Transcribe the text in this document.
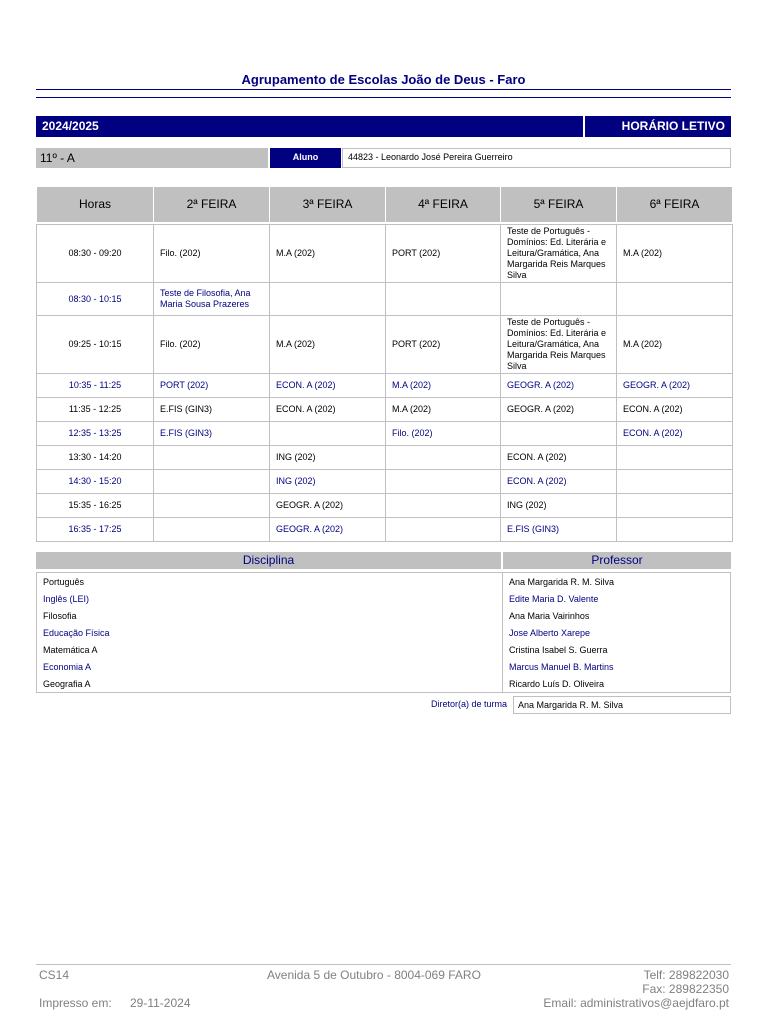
Agrupamento de Escolas João de Deus - Faro
2024/2025	HORÁRIO LETIVO
11º - A	Aluno	44823 - Leonardo José Pereira Guerreiro
Horas	2ª FEIRA	3ª FEIRA	4ª FEIRA	5ª FEIRA	6ª FEIRA

08:30 - 09:20	Filo. (202)	M.A (202)	PORT (202)	Teste de Português - Domínios: Ed. Literária e Leitura/Gramática, Ana Margarida Reis Marques Silva	M.A (202)
08:30 - 10:15	Teste de Filosofia, Ana Maria Sousa Prazeres				
09:25 - 10:15	Filo. (202)	M.A (202)	PORT (202)	Teste de Português - Domínios: Ed. Literária e Leitura/Gramática, Ana Margarida Reis Marques Silva	M.A (202)
10:35 - 11:25	PORT (202)	ECON. A (202)	M.A (202)	GEOGR. A (202)	GEOGR. A (202)
11:35 - 12:25	E.FIS (GIN3)	ECON. A (202)	M.A (202)	GEOGR. A (202)	ECON. A (202)
12:35 - 13:25	E.FIS (GIN3)		Filo. (202)		ECON. A (202)
13:30 - 14:20		ING (202)		ECON. A (202)	
14:30 - 15:20		ING (202)		ECON. A (202)	
15:35 - 16:25		GEOGR. A (202)		ING (202)	
16:35 - 17:25		GEOGR. A (202)		E.FIS (GIN3)	
Disciplina	Professor
Português	Ana Margarida R. M. Silva
Inglês (LEI)	Edite Maria D. Valente
Filosofia	Ana Maria Vairinhos
Educação Física	Jose Alberto Xarepe
Matemática A	Cristina Isabel S. Guerra
Economia A	Marcus Manuel B. Martins
Geografia A	Ricardo Luís D. Oliveira
Diretor(a) de turma	Ana Margarida R. M. Silva
CS14	Avenida 5 de Outubro - 8004-069 FARO	Telf: 289822030
Fax: 289822350
Impresso em: 29-11-2024	Email: administrativos@aejdfaro.pt
